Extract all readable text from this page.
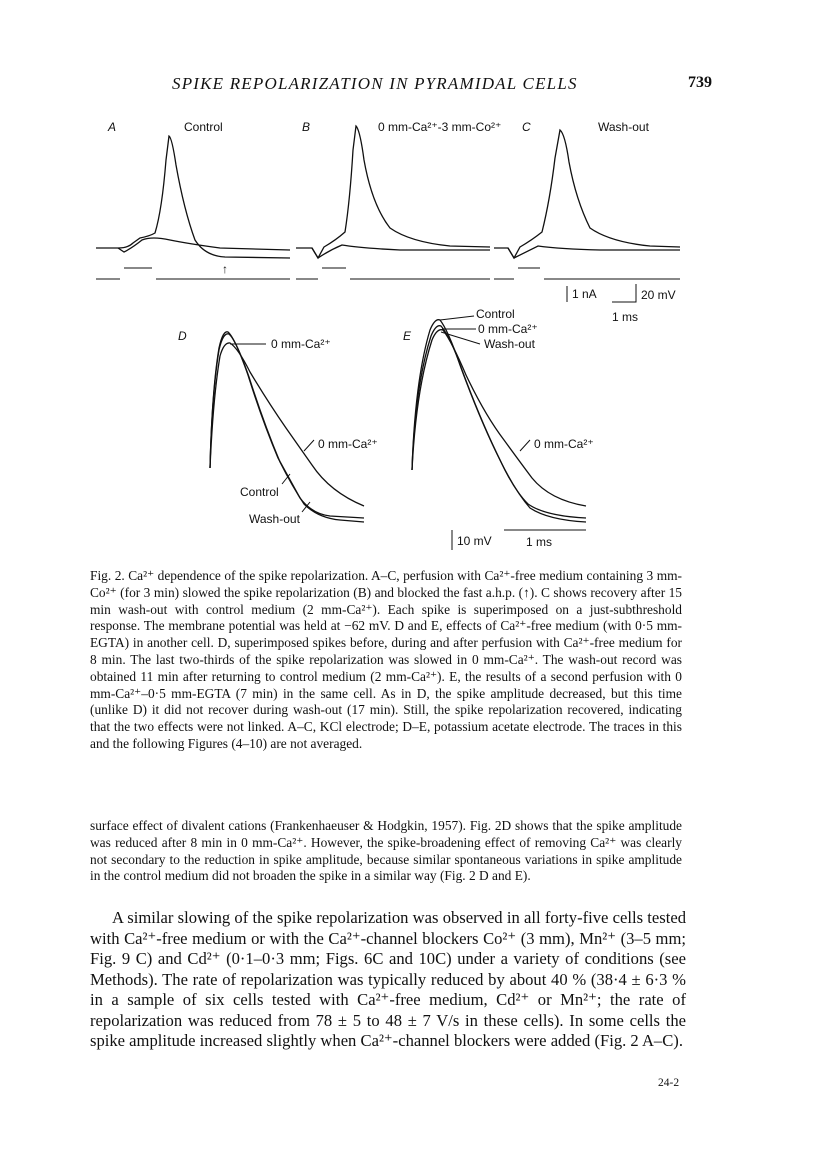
SPIKE REPOLARIZATION IN PYRAMIDAL CELLS	739
A	Control
↑
B	0 mm-Ca²⁺-3 mm-Co²⁺ C	Wash-out
1 nA	20 mV
1 ms
D
0 mm-Ca²⁺
0 mm-Ca²⁺
Control
Wash-out
E
Control
0 mm-Ca²⁺
Wash-out
0 mm-Ca²⁺
10 mV	1 ms

Fig. 2. Ca²⁺ dependence of the spike repolarization. A–C, perfusion with Ca²⁺-free medium containing 3 mm-Co²⁺ (for 3 min) slowed the spike repolarization (B) and blocked the fast a.h.p. (↑). C shows recovery after 15 min wash-out with control medium (2 mm-Ca²⁺). Each spike is superimposed on a just-subthreshold response. The membrane potential was held at −62 mV. D and E, effects of Ca²⁺-free medium (with 0·5 mm-EGTA) in another cell. D, superimposed spikes before, during and after perfusion with Ca²⁺-free medium for 8 min. The last two-thirds of the spike repolarization was slowed in 0 mm-Ca²⁺. The wash-out record was obtained 11 min after returning to control medium (2 mm-Ca²⁺). E, the results of a second perfusion with 0 mm-Ca²⁺–0·5 mm-EGTA (7 min) in the same cell. As in D, the spike amplitude decreased, but this time (unlike D) it did not recover during wash-out (17 min). Still, the spike repolarization recovered, indicating that the two effects were not linked. A–C, KCl electrode; D–E, potassium acetate electrode. The traces in this and the following Figures (4–10) are not averaged.

surface effect of divalent cations (Frankenhaeuser & Hodgkin, 1957). Fig. 2D shows that the spike amplitude was reduced after 8 min in 0 mm-Ca²⁺. However, the spike-broadening effect of removing Ca²⁺ was clearly not secondary to the reduction in spike amplitude, because similar spontaneous variations in spike amplitude in the control medium did not broaden the spike in a similar way (Fig. 2 D and E).

A similar slowing of the spike repolarization was observed in all forty-five cells tested with Ca²⁺-free medium or with the Ca²⁺-channel blockers Co²⁺ (3 mm), Mn²⁺ (3–5 mm; Fig. 9 C) and Cd²⁺ (0·1–0·3 mm; Figs. 6C and 10C) under a variety of conditions (see Methods). The rate of repolarization was typically reduced by about 40 % (38·4 ± 6·3 % in a sample of six cells tested with Ca²⁺-free medium, Cd²⁺ or Mn²⁺; the rate of repolarization was reduced from 78 ± 5 to 48 ± 7 V/s in these cells). In some cells the spike amplitude increased slightly when Ca²⁺-channel blockers were added (Fig. 2 A–C).

24-2
